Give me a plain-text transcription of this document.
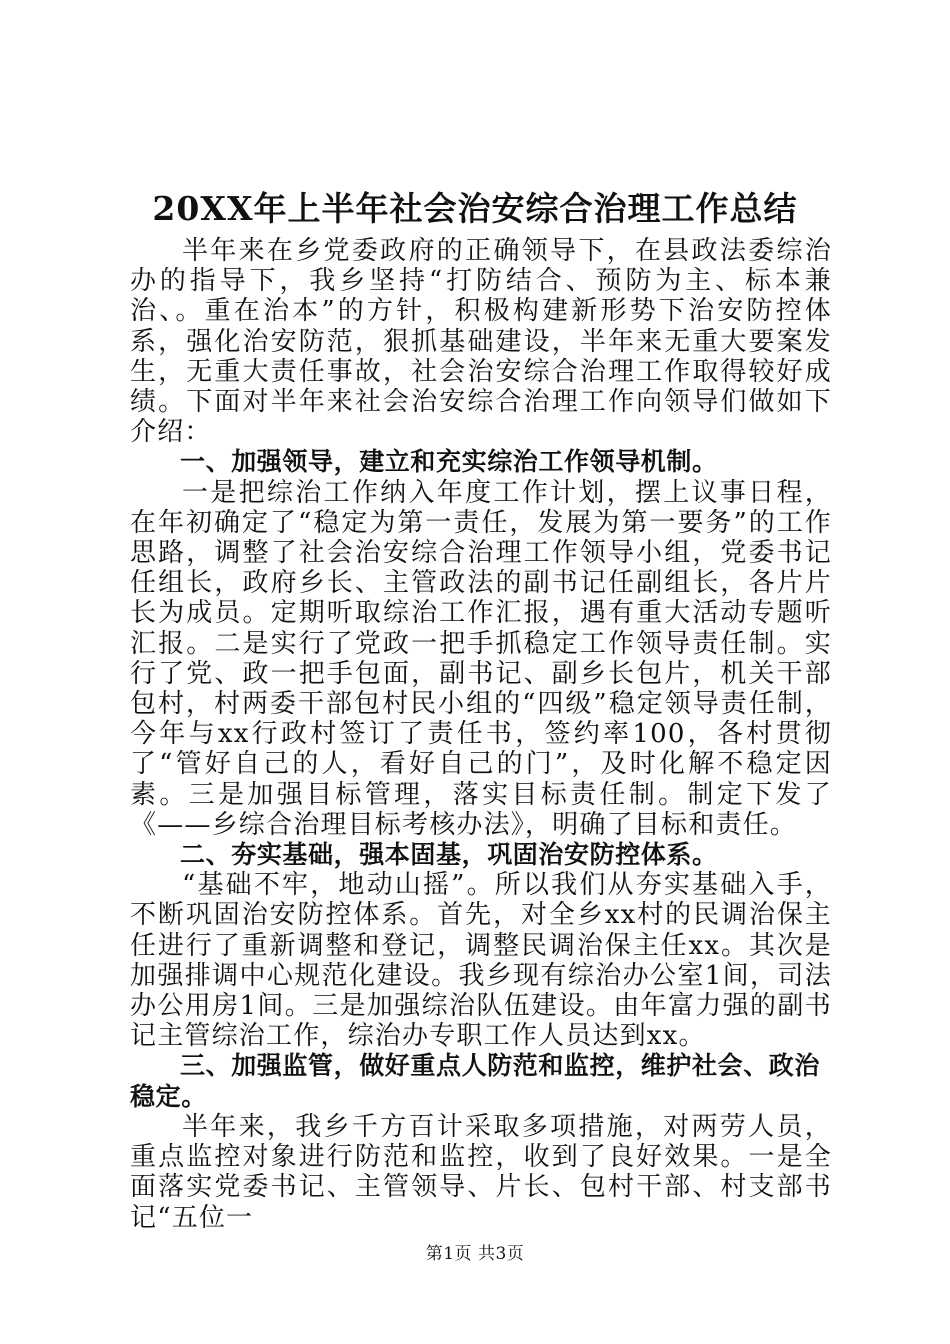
20XX年上半年社会治安综合治理工作总结

半年来在乡党委政府的正确领导下，在县政法委综治办的指导下，我乡坚持“打防结合、预防为主、标本兼治、。重在治本”的方针，积极构建新形势下治安防控体系，强化治安防范，狠抓基础建设，半年来无重大要案发生，无重大责任事故，社会治安综合治理工作取得较好成绩。下面对半年来社会治安综合治理工作向领导们做如下介绍：

一、加强领导，建立和充实综治工作领导机制。

一是把综治工作纳入年度工作计划，摆上议事日程，在年初确定了“稳定为第一责任，发展为第一要务”的工作思路，调整了社会治安综合治理工作领导小组，党委书记任组长，政府乡长、主管政法的副书记任副组长，各片片长为成员。定期听取综治工作汇报，遇有重大活动专题听汇报。二是实行了党政一把手抓稳定工作领导责任制。实行了党、政一把手包面，副书记、副乡长包片，机关干部包村，村两委干部包村民小组的“四级”稳定领导责任制，今年与xx行政村签订了责任书，签约率100，各村贯彻了“管好自己的人，看好自己的门”，及时化解不稳定因素。三是加强目标管理，落实目标责任制。制定下发了《——乡综合治理目标考核办法》，明确了目标和责任。

二、夯实基础，强本固基，巩固治安防控体系。

“基础不牢，地动山摇”。所以我们从夯实基础入手，不断巩固治安防控体系。首先，对全乡xx村的民调治保主任进行了重新调整和登记，调整民调治保主任xx。其次是加强排调中心规范化建设。我乡现有综治办公室1间，司法办公用房1间。三是加强综治队伍建设。由年富力强的副书记主管综治工作，综治办专职工作人员达到xx。

三、加强监管，做好重点人防范和监控，维护社会、政治稳定。

半年来，我乡千方百计采取多项措施，对两劳人员，重点监控对象进行防范和监控，收到了良好效果。一是全面落实党委书记、主管领导、片长、包村干部、村支部书记“五位一

第1页 共3页
